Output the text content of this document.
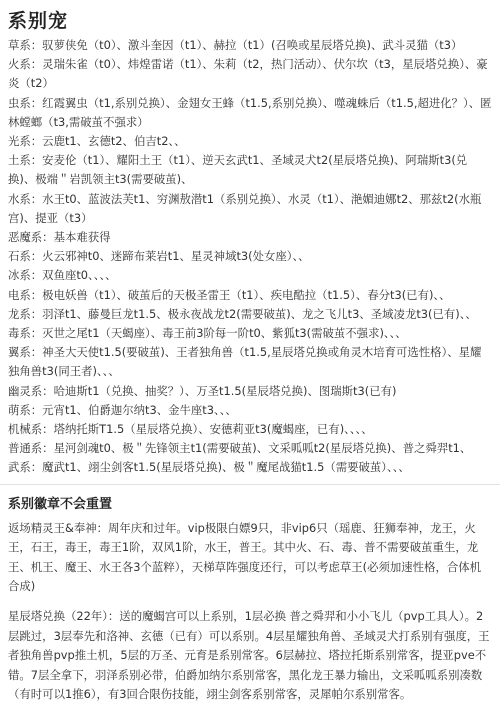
系别宠

草系：驭萝侠免（t0）、激斗奎因（t1）、赫拉（t1）(召唤或星辰塔兑换)、武斗灵猫（t3）

火系：灵瑞朱雀（t0）、炜煌雷诺（t1）、朱莉（t2，热门活动）、伏尔坎（t3，星辰塔兑换）、豪炎（t2）

虫系：红霞翼虫（t1,系别兑换）、金翅女王蜂（t1.5,系别兑换）、噬魂蛛后（t1.5,超进化？）、匿林螳螂（t3,需破茧不强求）

光系：云鹿t1、玄德t2、伯吉t2、、

土系：安麦伦（t1）、耀阳土王（t1）、逆天玄武t1、圣域灵犬t2(星辰塔兑换)、阿瑞斯t3(兑换)、极端＂岩凯领主t3(需要破茧)、

水系：水王t0、蓝波法芙t1、穷渊敖潜t1（系别兑换）、水灵（t1）、滟媚迪娜t2、那兹t2(水瓶宫)、提亚（t3）

恶魔系：基本难获得

石系：火云邪神t0、迷蹄布莱岩t1、星灵神域t3(处女座）、、

冰系：双鱼座t0、、、、

电系：极电妖兽（t1）、破茧后的天极圣雷王（t1）、疾电酷拉（t1.5）、春分t3(已有)、、

龙系：羽泽t1、藤曼巨龙t1.5、极永夜战龙t2(需要破茧)、龙之飞儿t3、圣域凌龙t3(已有)、、

毒系：灭世之尾t1（天蝎座）、毒王前3阶每一阶t0、紫狐t3(需破茧不强求)、、、

翼系：神圣大天使t1.5(要破茧)、王者独角兽（t1.5,星辰塔兑换或角灵木培育可选性格）、星耀独角兽t3(同王者)、、、

幽灵系：哈迪斯t1（兑换、抽奖？）、万圣t1.5(星辰塔兑换)、图瑞斯t3(已有)

萌系：元宵t1、伯爵迦尔纳t3、金牛座t3、、、

机械系：塔纳托斯T1.5（星辰塔兑换）、安德莉亚t3(魔蝎座，已有)、、、、

普通系：星河剑魂t0、极＂先锋领主t1(需要破茧)、文采呱呱t2(星辰塔兑换)、普之舜羿t1、

武系：魔武t1、翊尘剑客t1.5(星辰塔兑换)、极＂魔尾战猫t1.5（需要破茧）、、、

系别徽章不会重置

返场精灵王&奉神：周年庆和过年。vip极限白嫖9只，非vip6只（瑶鹿、狂狮奉神，龙王，火王，石王，毒王，毒王1阶，双风1阶，水王，普王。其中火、石、毒、普不需要破茧重生，龙王、机王、魔王、水王各3个蓝粹），天梯草阵强度还行，可以考虑草王(必须加速性格，合体机合成)

星辰塔兑换（22年）：送的魔蝎宫可以上系别，1层必换 普之舜羿和小小飞儿（pvp工具人）。2层跳过，3层奉先和洛神、玄德（已有）可以系别。4层星耀独角兽、圣域灵犬打系别有强度，王者独角兽pvp推土机，5层的万圣、元育是系别常客。6层赫拉、塔拉托斯系别常客，提亚pve不错。7层全拿下，羽泽系别必带，伯爵加纳尔系别常客，黑化龙王暴力输出，文采呱呱系别凑数（有时可以1推6），有3回合限伤技能，翊尘剑客系别常客，灵犀帕尔系别常客。
